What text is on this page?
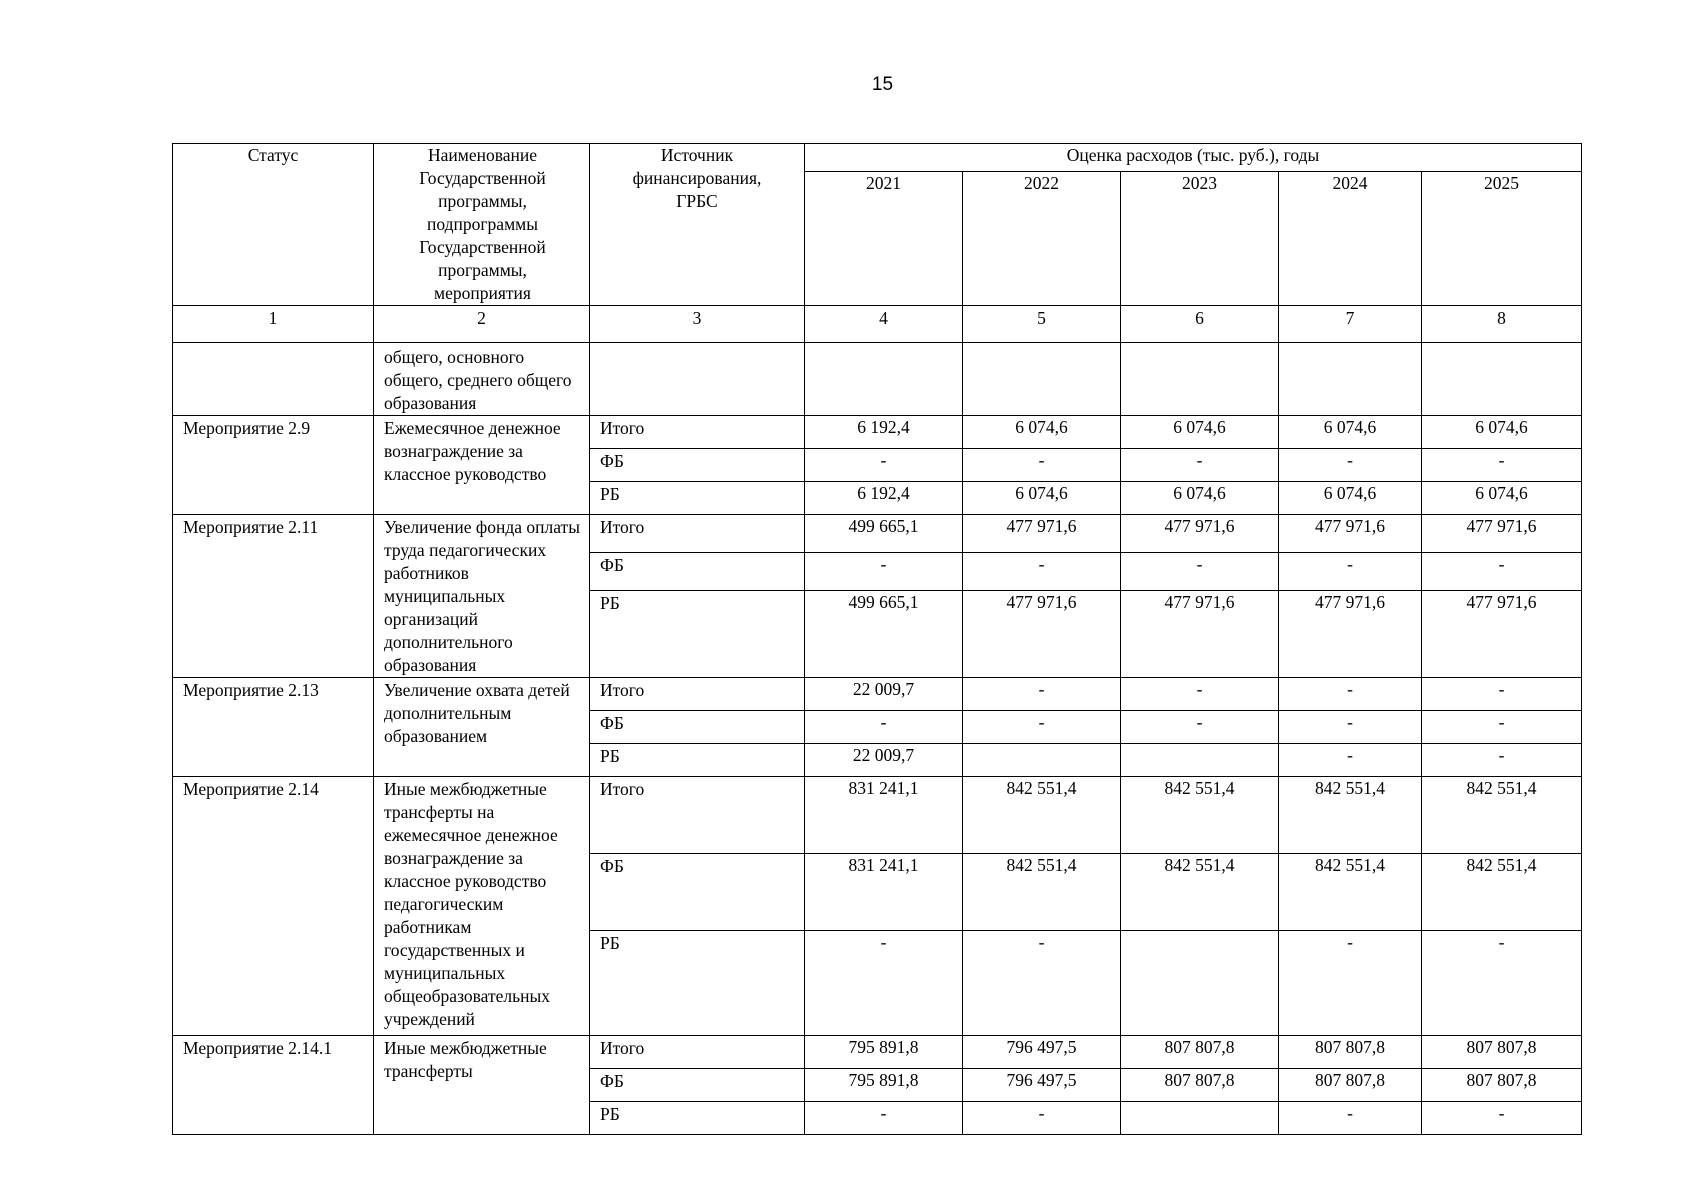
15
Статус	Наименование Государственной программы, подпрограммы Государственной программы, мероприятия	Источник финансирования, ГРБС	Оценка расходов (тыс. руб.), годы				
			2021	2022	2023	2024	2025
1	2	3	4	5	6	7	8
	общего, основного общего, среднего общего образования						
Мероприятие 2.9	Ежемесячное денежное вознаграждение за классное руководство	Итого	6 192,4	6 074,6	6 074,6	6 074,6	6 074,6
		ФБ	-	-	-	-	-
		РБ	6 192,4	6 074,6	6 074,6	6 074,6	6 074,6
Мероприятие 2.11	Увеличение фонда оплаты труда педагогических работников муниципальных организаций дополнительного образования	Итого	499 665,1	477 971,6	477 971,6	477 971,6	477 971,6
		ФБ	-	-	-	-	-
		РБ	499 665,1	477 971,6	477 971,6	477 971,6	477 971,6
Мероприятие 2.13	Увеличение охвата детей дополнительным образованием	Итого	22 009,7	-	-	-	-
		ФБ	-	-	-	-	-
		РБ	22 009,7			-	-
Мероприятие 2.14	Иные межбюджетные трансферты на ежемесячное денежное вознаграждение за классное руководство педагогическим работникам государственных и муниципальных общеобразовательных учреждений	Итого	831 241,1	842 551,4	842 551,4	842 551,4	842 551,4
		ФБ	831 241,1	842 551,4	842 551,4	842 551,4	842 551,4
		РБ	-	-		-	-
Мероприятие 2.14.1	Иные межбюджетные трансферты	Итого	795 891,8	796 497,5	807 807,8	807 807,8	807 807,8
		ФБ	795 891,8	796 497,5	807 807,8	807 807,8	807 807,8
		РБ	-	-		-	-
